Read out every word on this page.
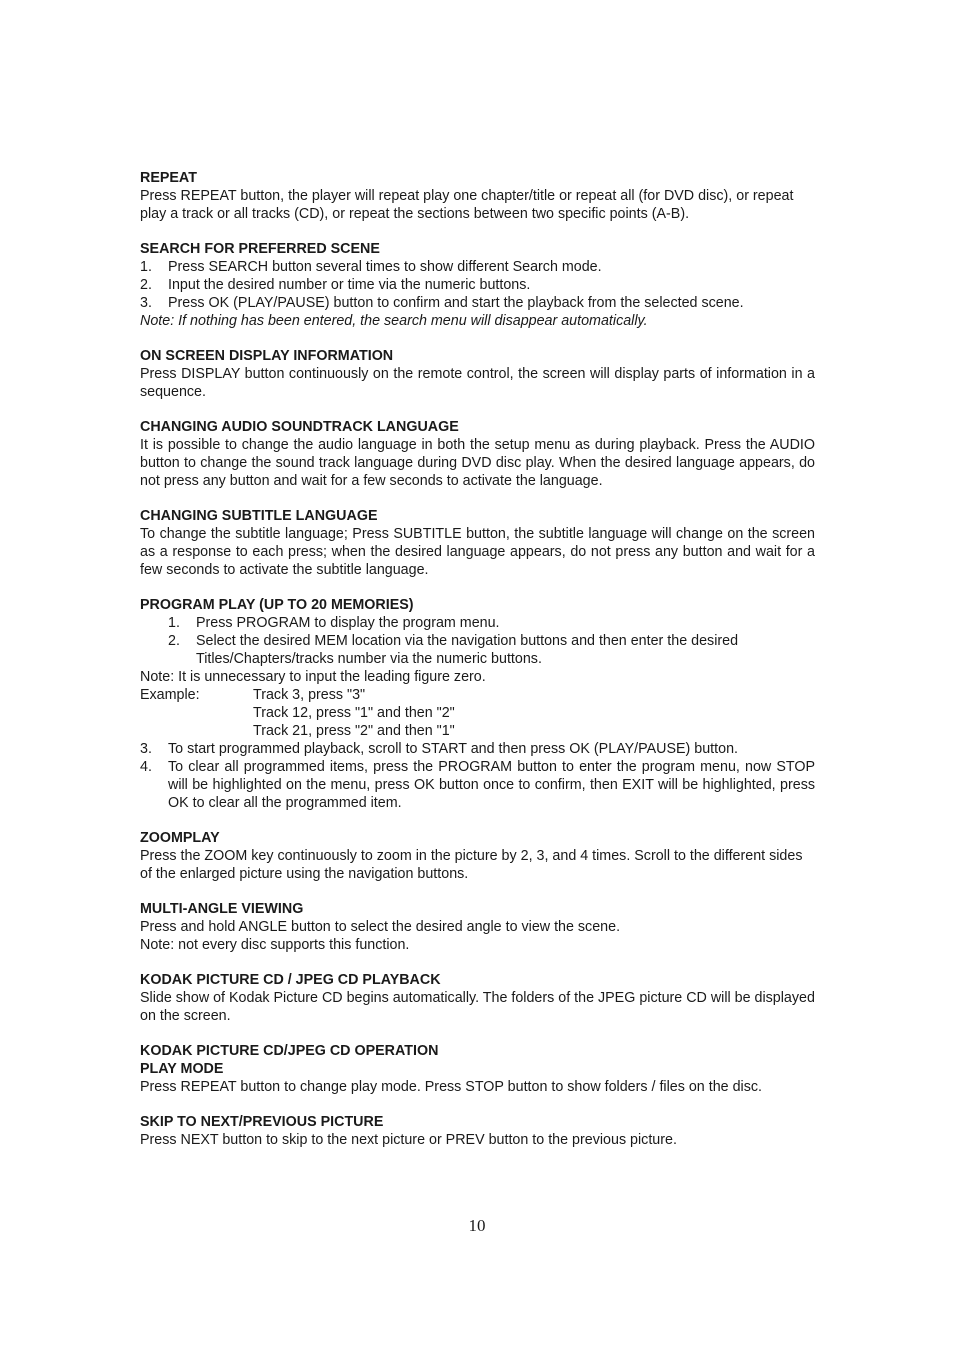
REPEAT

Press REPEAT button, the player will repeat play one chapter/title or repeat all (for DVD disc), or repeat play a track or all tracks (CD), or repeat the sections between two specific points (A-B).

SEARCH FOR PREFERRED SCENE
1.	Press SEARCH button several times to show different Search mode.
2.	Input the desired number or time via the numeric buttons.
3.	Press OK (PLAY/PAUSE) button to confirm and start the playback from the selected scene.

Note: If nothing has been entered, the search menu will disappear automatically.

ON SCREEN DISPLAY INFORMATION

Press DISPLAY button continuously on the remote control, the screen will display parts of information in a sequence.

CHANGING AUDIO SOUNDTRACK LANGUAGE

It is possible to change the audio language in both the setup menu as during playback. Press the AUDIO button to change the sound track language during DVD disc play. When the desired language appears, do not press any button and wait for a few seconds to activate the language.

CHANGING SUBTITLE LANGUAGE

To change the subtitle language; Press SUBTITLE button, the subtitle language will change on the screen as a response to each press; when the desired language appears, do not press any button and wait for a few seconds to activate the subtitle language.

PROGRAM PLAY (UP TO 20 MEMORIES)
1.	Press PROGRAM to display the program menu.
2.	Select the desired MEM location via the navigation buttons and then enter the desired Titles/Chapters/tracks number via the numeric buttons.

Note: It is unnecessary to input the leading figure zero.

Example:	Track 3, press "3"
Track 12, press "1" and then "2"
Track 21, press "2" and then "1"
3.	To start programmed playback, scroll to START and then press OK (PLAY/PAUSE) button.
4.	To clear all programmed items, press the PROGRAM button to enter the program menu, now STOP will be highlighted on the menu, press OK button once to confirm, then EXIT will be highlighted, press OK to clear all the programmed item.
ZOOMPLAY

Press the ZOOM key continuously to zoom in the picture by 2, 3, and 4 times. Scroll to the different sides of the enlarged picture using the navigation buttons.

MULTI-ANGLE VIEWING

Press and hold ANGLE button to select the desired angle to view the scene.

Note: not every disc supports this function.

KODAK PICTURE CD / JPEG CD PLAYBACK

Slide show of Kodak Picture CD begins automatically. The folders of the JPEG picture CD will be displayed on the screen.

KODAK PICTURE CD/JPEG CD OPERATION
PLAY MODE

Press REPEAT button to change play mode. Press STOP button to show folders / files on the disc.

SKIP TO NEXT/PREVIOUS PICTURE

Press NEXT button to skip to the next picture or PREV button to the previous picture.

10
